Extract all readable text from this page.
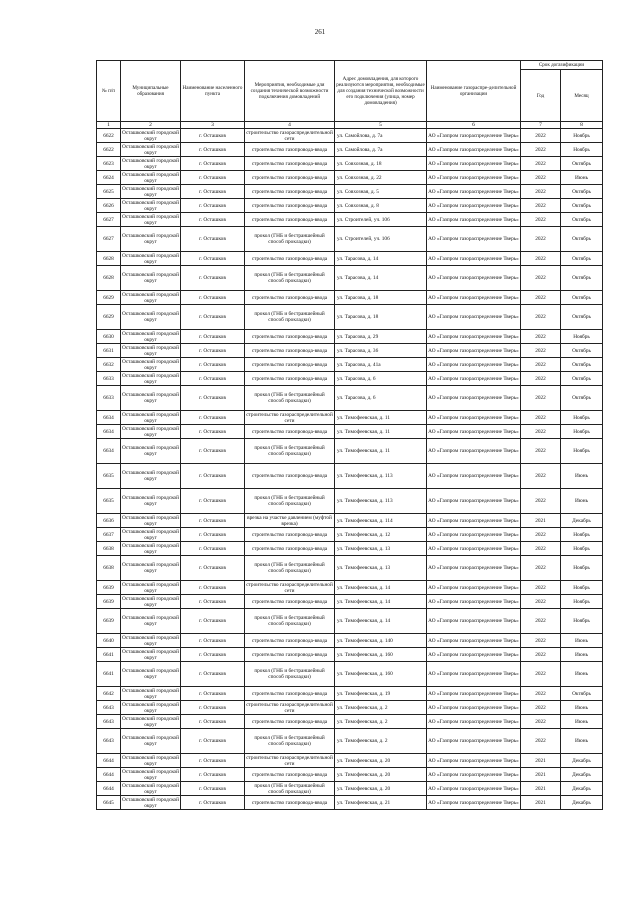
261
№ п/п	Муниципальные образования	Наименование населенного пункта	Мероприятия, необходимые для создания технической возможности подключения домовладений	Адрес домовладения, для которого реализуются мероприятия, необходимые для создания технической возможности его подключения (улица, номер домовладения)	Наименование газораспре-делительной организации	Срок догазификации	
						Год	Месяц
1	2	3	4	5	6	7	8
6622	Осташковский городской округ	г. Осташков	строительство газораспределительной сети	ул. Самойлова, д. 7а	АО «Газпром газораспределение Тверь»	2022	Ноябрь
6622	Осташковский городской округ	г. Осташков	строительство газопровода-ввода	ул. Самойлова, д. 7а	АО «Газпром газораспределение Тверь»	2022	Ноябрь
6623	Осташковский городской округ	г. Осташков	строительство газопровода-ввода	ул. Совхозная, д. 18	АО «Газпром газораспределение Тверь»	2022	Октябрь
6624	Осташковский городской округ	г. Осташков	строительство газопровода-ввода	ул. Совхозная, д. 22	АО «Газпром газораспределение Тверь»	2022	Июнь
6625	Осташковский городской округ	г. Осташков	строительство газопровода-ввода	ул. Совхозная, д. 5	АО «Газпром газораспределение Тверь»	2022	Октябрь
6626	Осташковский городской округ	г. Осташков	строительство газопровода-ввода	ул. Совхозная, д. 8	АО «Газпром газораспределение Тверь»	2022	Октябрь
6627	Осташковский городской округ	г. Осташков	строительство газопровода-ввода	ул. Строителей, уч. 106	АО «Газпром газораспределение Тверь»	2022	Октябрь
6627	Осташковский городской округ	г. Осташков	прокол (ГНБ и бестраншейный способ прокладки)	ул. Строителей, уч. 106	АО «Газпром газораспределение Тверь»	2022	Октябрь
6628	Осташковский городской округ	г. Осташков	строительство газопровода-ввода	ул. Тарасова, д. 14	АО «Газпром газораспределение Тверь»	2022	Октябрь
6628	Осташковский городской округ	г. Осташков	прокол (ГНБ и бестраншейный способ прокладки)	ул. Тарасова, д. 14	АО «Газпром газораспределение Тверь»	2022	Октябрь
6629	Осташковский городской округ	г. Осташков	строительство газопровода-ввода	ул. Тарасова, д. 18	АО «Газпром газораспределение Тверь»	2022	Октябрь
6629	Осташковский городской округ	г. Осташков	прокол (ГНБ и бестраншейный способ прокладки)	ул. Тарасова, д. 18	АО «Газпром газораспределение Тверь»	2022	Октябрь
6630	Осташковский городской округ	г. Осташков	строительство газопровода-ввода	ул. Тарасова, д. 29	АО «Газпром газораспределение Тверь»	2022	Ноябрь
6631	Осташковский городской округ	г. Осташков	строительство газопровода-ввода	ул. Тарасова, д. 36	АО «Газпром газораспределение Тверь»	2022	Октябрь
6632	Осташковский городской округ	г. Осташков	строительство газопровода-ввода	ул. Тарасова, д. 41а	АО «Газпром газораспределение Тверь»	2022	Октябрь
6633	Осташковский городской округ	г. Осташков	строительство газопровода-ввода	ул. Тарасова, д. 6	АО «Газпром газораспределение Тверь»	2022	Октябрь
6633	Осташковский городской округ	г. Осташков	прокол (ГНБ и бестраншейный способ прокладки)	ул. Тарасова, д. 6	АО «Газпром газораспределение Тверь»	2022	Октябрь
6634	Осташковский городской округ	г. Осташков	строительство газораспределительной сети	ул. Тимофеевская, д. 11	АО «Газпром газораспределение Тверь»	2022	Ноябрь
6634	Осташковский городской округ	г. Осташков	строительство газопровода-ввода	ул. Тимофеевская, д. 11	АО «Газпром газораспределение Тверь»	2022	Ноябрь
6634	Осташковский городской округ	г. Осташков	прокол (ГНБ и бестраншейный способ прокладки)	ул. Тимофеевская, д. 11	АО «Газпром газораспределение Тверь»	2022	Ноябрь
6635	Осташковский городской округ	г. Осташков	строительство газопровода-ввода	ул. Тимофеевская, д. 113	АО «Газпром газораспределение Тверь»	2022	Июнь
6635	Осташковский городской округ	г. Осташков	прокол (ГНБ и бестраншейный способ прокладки)	ул. Тимофеевская, д. 113	АО «Газпром газораспределение Тверь»	2022	Июнь
6636	Осташковский городской округ	г. Осташков	врезка на участке давлением (муфтой врезка)	ул. Тимофеевская, д. 114	АО «Газпром газораспределение Тверь»	2021	Декабрь
6637	Осташковский городской округ	г. Осташков	строительство газопровода-ввода	ул. Тимофеевская, д. 12	АО «Газпром газораспределение Тверь»	2022	Ноябрь
6638	Осташковский городской округ	г. Осташков	строительство газопровода-ввода	ул. Тимофеевская, д. 13	АО «Газпром газораспределение Тверь»	2022	Ноябрь
6638	Осташковский городской округ	г. Осташков	прокол (ГНБ и бестраншейный способ прокладки)	ул. Тимофеевская, д. 13	АО «Газпром газораспределение Тверь»	2022	Ноябрь
6639	Осташковский городской округ	г. Осташков	строительство газораспределительной сети	ул. Тимофеевская, д. 14	АО «Газпром газораспределение Тверь»	2022	Ноябрь
6639	Осташковский городской округ	г. Осташков	строительство газопровода-ввода	ул. Тимофеевская, д. 14	АО «Газпром газораспределение Тверь»	2022	Ноябрь
6639	Осташковский городской округ	г. Осташков	прокол (ГНБ и бестраншейный способ прокладки)	ул. Тимофеевская, д. 14	АО «Газпром газораспределение Тверь»	2022	Ноябрь
6640	Осташковский городской округ	г. Осташков	строительство газопровода-ввода	ул. Тимофеевская, д. 140	АО «Газпром газораспределение Тверь»	2022	Июнь
6641	Осташковский городской округ	г. Осташков	строительство газопровода-ввода	ул. Тимофеевская, д. 160	АО «Газпром газораспределение Тверь»	2022	Июнь
6641	Осташковский городской округ	г. Осташков	прокол (ГНБ и бестраншейный способ прокладки)	ул. Тимофеевская, д. 160	АО «Газпром газораспределение Тверь»	2022	Июнь
6642	Осташковский городской округ	г. Осташков	строительство газопровода-ввода	ул. Тимофеевская, д. 19	АО «Газпром газораспределение Тверь»	2022	Октябрь
6643	Осташковский городской округ	г. Осташков	строительство газораспределительной сети	ул. Тимофеевская, д. 2	АО «Газпром газораспределение Тверь»	2022	Июнь
6643	Осташковский городской округ	г. Осташков	строительство газопровода-ввода	ул. Тимофеевская, д. 2	АО «Газпром газораспределение Тверь»	2022	Июнь
6643	Осташковский городской округ	г. Осташков	прокол (ГНБ и бестраншейный способ прокладки)	ул. Тимофеевская, д. 2	АО «Газпром газораспределение Тверь»	2022	Июнь
6644	Осташковский городской округ	г. Осташков	строительство газораспределительной сети	ул. Тимофеевская, д. 20	АО «Газпром газораспределение Тверь»	2021	Декабрь
6644	Осташковский городской округ	г. Осташков	строительство газопровода-ввода	ул. Тимофеевская, д. 20	АО «Газпром газораспределение Тверь»	2021	Декабрь
6644	Осташковский городской округ	г. Осташков	прокол (ГНБ и бестраншейный способ прокладки)	ул. Тимофеевская, д. 20	АО «Газпром газораспределение Тверь»	2021	Декабрь
6645	Осташковский городской округ	г. Осташков	строительство газопровода-ввода	ул. Тимофеевская, д. 21	АО «Газпром газораспределение Тверь»	2021	Декабрь
